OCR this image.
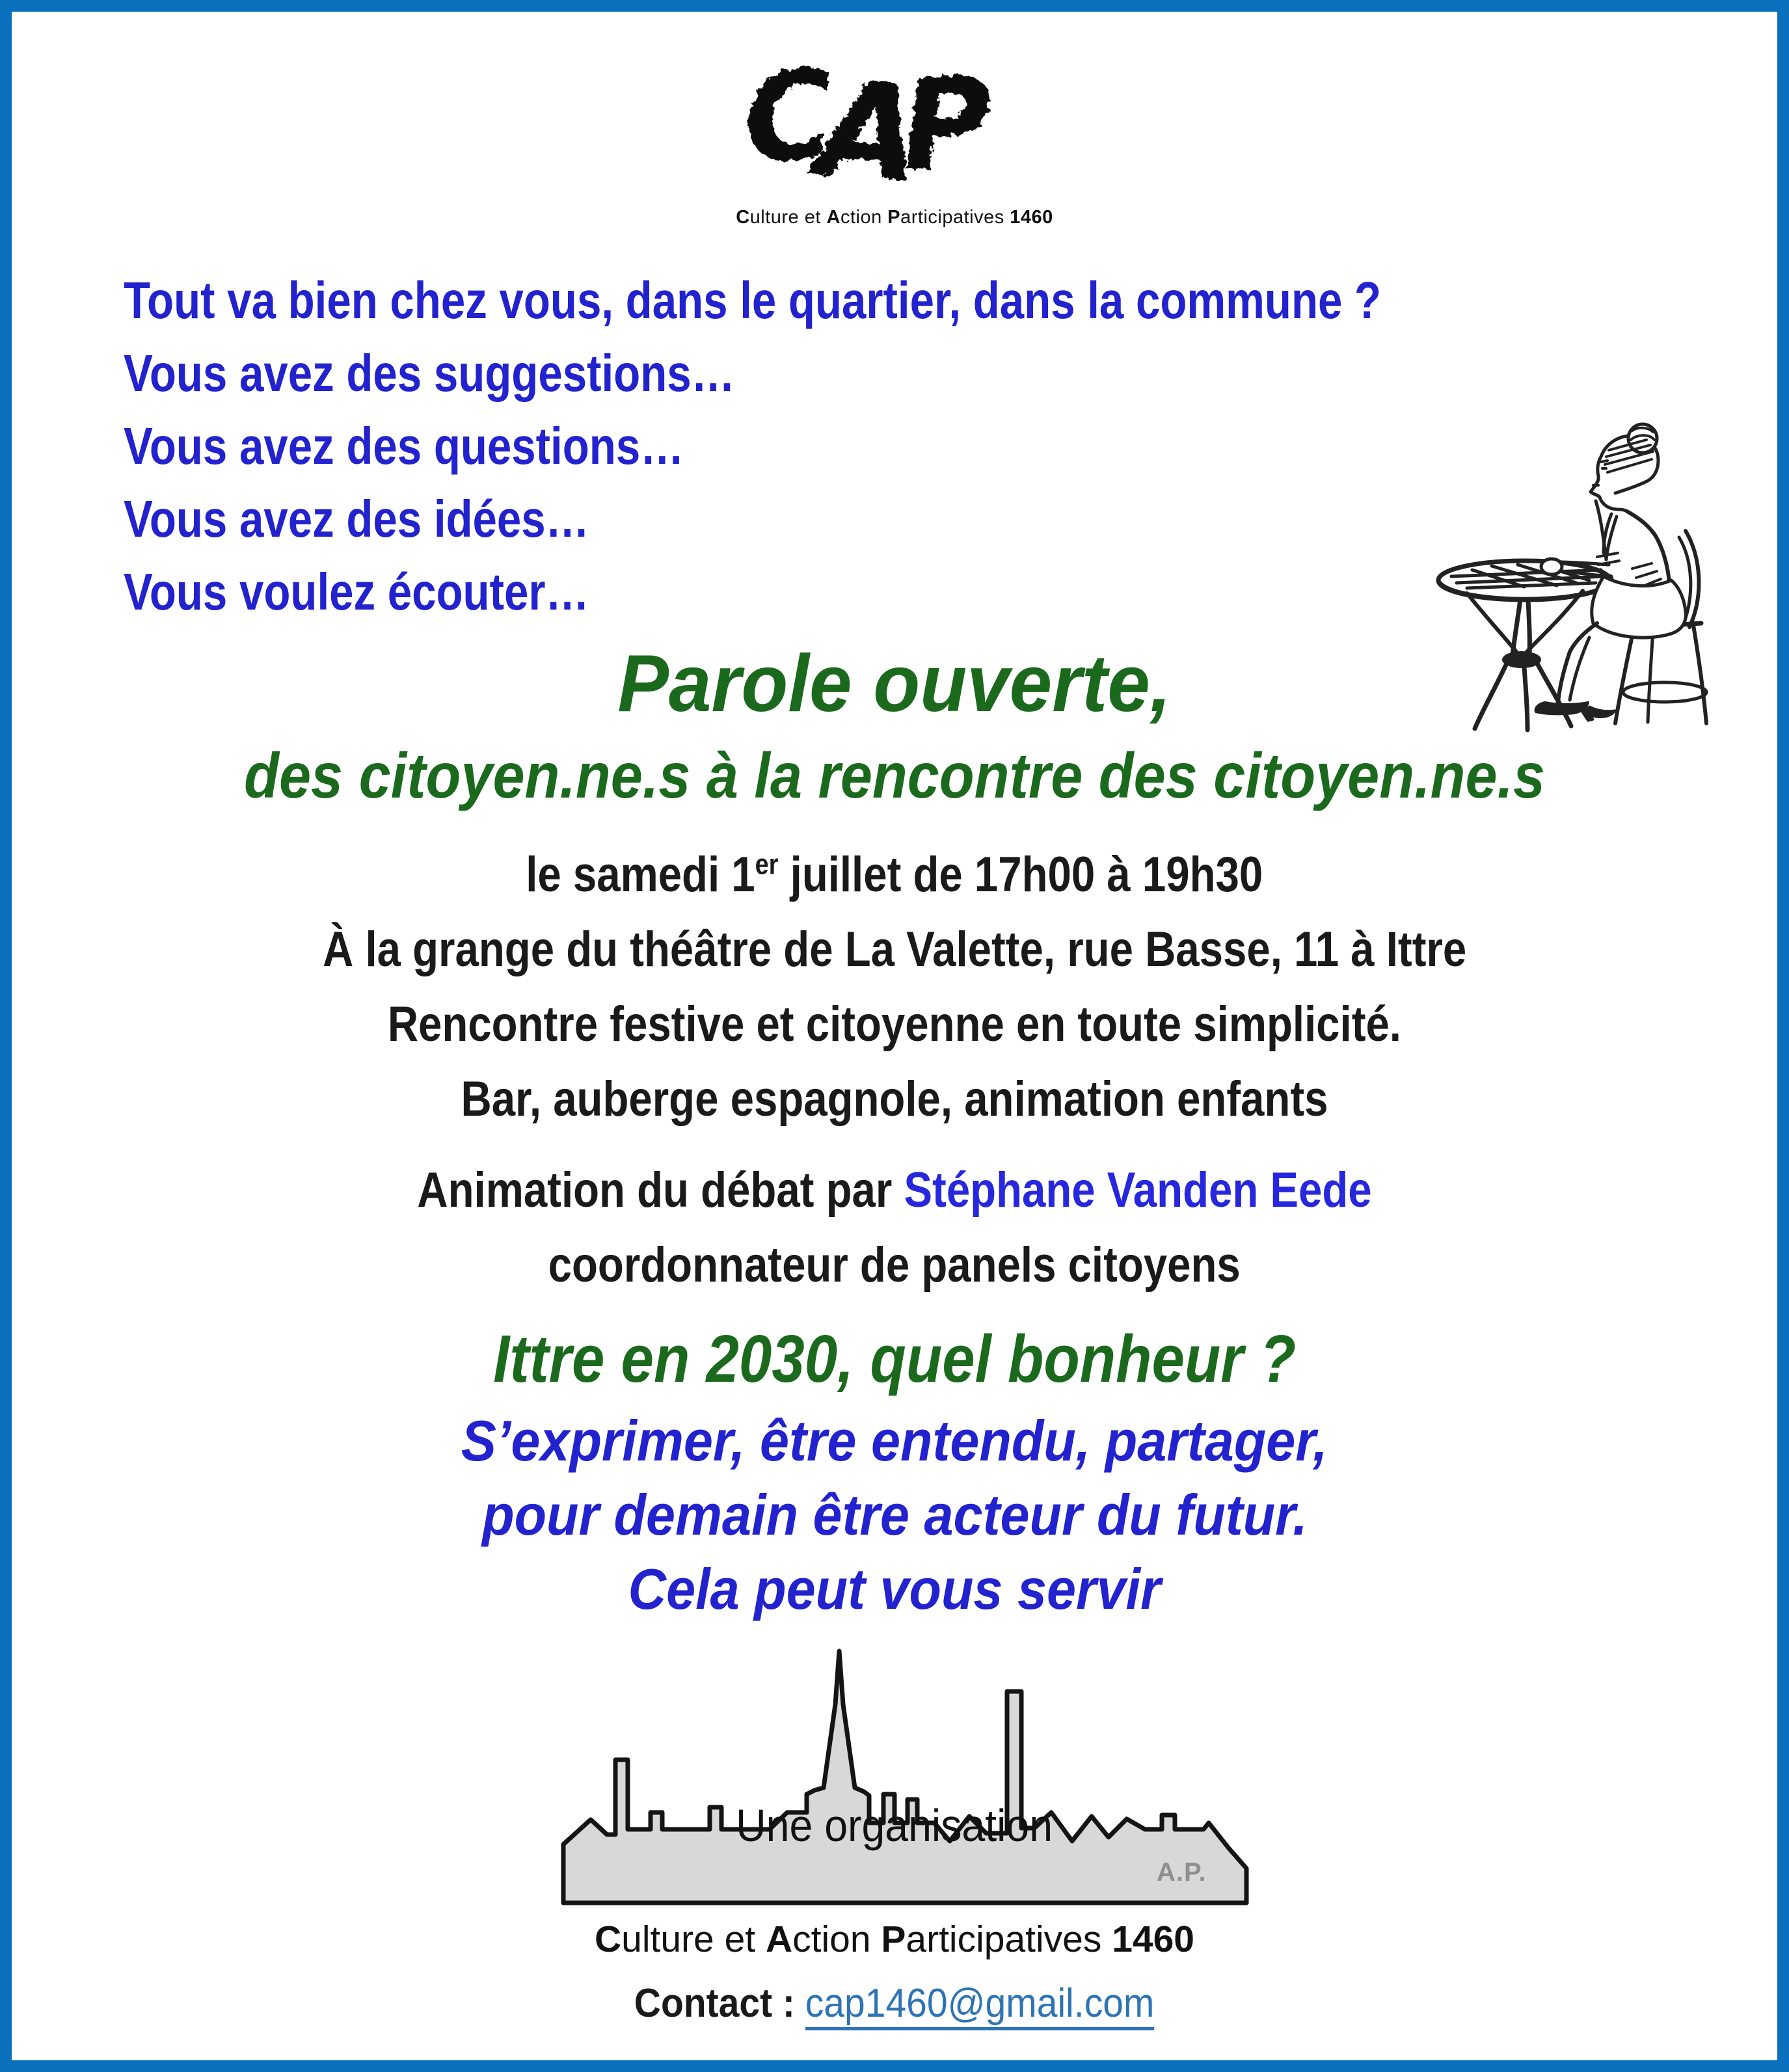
C
A
P
Culture et Action Participatives 1460
Tout va bien chez vous, dans le quartier, dans la commune ?
Vous avez des suggestions…
Vous avez des questions…
Vous avez des idées…
Vous voulez écouter…
Parole ouverte,
des citoyen.ne.s à la rencontre des citoyen.ne.s
le samedi 1er juillet de 17h00 à 19h30
À la grange du théâtre de La Valette, rue Basse, 11 à Ittre
Rencontre festive et citoyenne en toute simplicité.
Bar, auberge espagnole, animation enfants
Animation du débat par Stéphane Vanden Eede
coordonnateur de panels citoyens
Ittre en 2030, quel bonheur ?
S’exprimer, être entendu, partager,
pour demain être acteur du futur.
Cela peut vous servir
Une organisation
A.P.
Culture et Action Participatives 1460
Contact : cap1460@gmail.com
